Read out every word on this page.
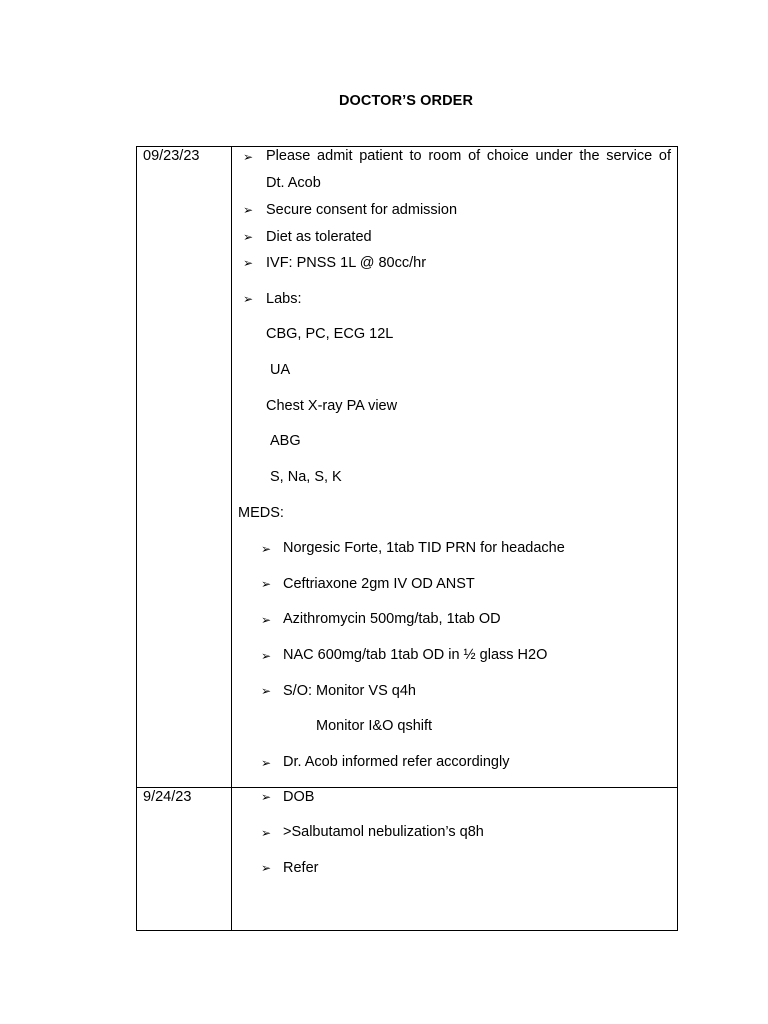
DOCTOR’S ORDER
09/23/23	➢ Please admit patient to room of choice under the service of
Dt. Acob
➢ Secure consent for admission
➢ Diet as tolerated
➢ IVF: PNSS 1L @ 80cc/hr
➢ Labs:
CBG, PC, ECG 12L
UA
Chest X-ray PA view
ABG
S, Na, S, K
MEDS:
➢ Norgesic Forte, 1tab TID PRN for headache
➢ Ceftriaxone 2gm IV OD ANST
➢ Azithromycin 500mg/tab, 1tab OD
➢ NAC 600mg/tab 1tab OD in ½ glass H2O
➢ S/O: Monitor VS q4h
Monitor I&O qshift
➢ Dr. Acob informed refer accordingly
9/24/23	➢ DOB
➢ >Salbutamol nebulization’s q8h
➢ Refer
